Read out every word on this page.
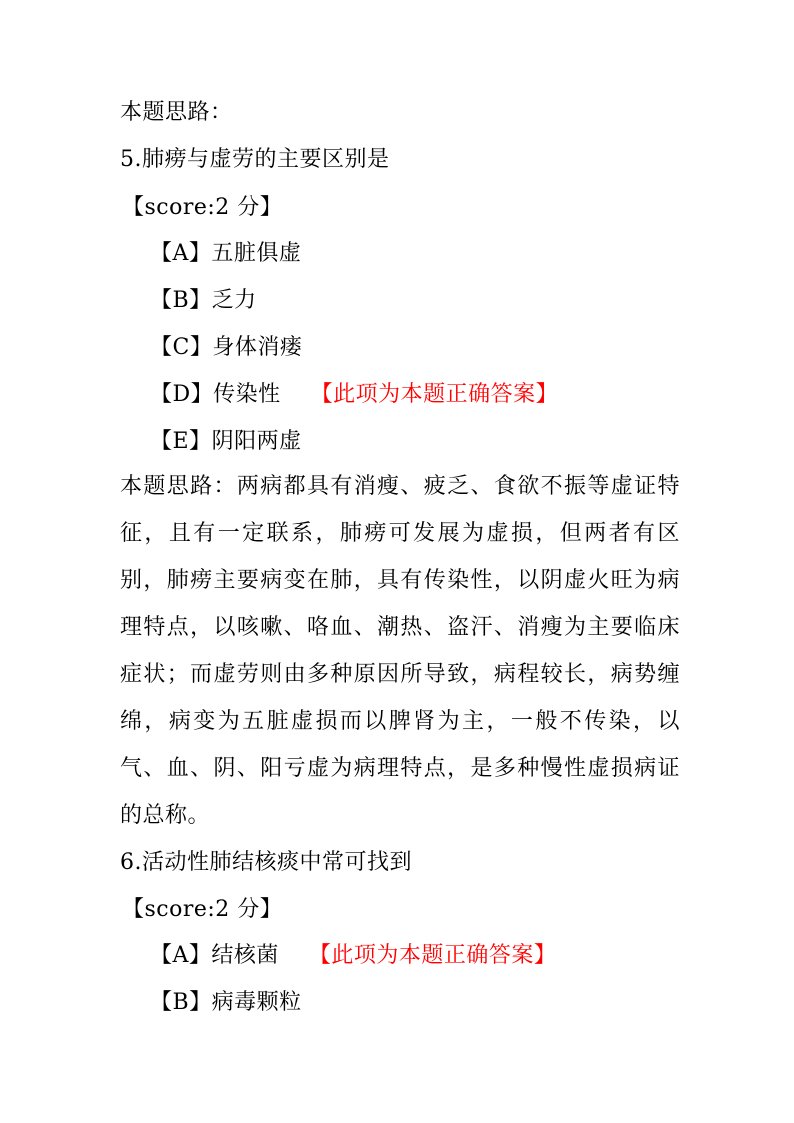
本题思路：
5.肺痨与虚劳的主要区别是
【score:2 分】
【A】五脏俱虚
【B】乏力
【C】身体消瘘
【D】传染性 【此项为本题正确答案】
【E】阴阳两虚
本题思路：两病都具有消瘦、疲乏、食欲不振等虚证特征，且有一定联系，肺痨可发展为虚损，但两者有区别，肺痨主要病变在肺，具有传染性，以阴虚火旺为病理特点，以咳嗽、咯血、潮热、盗汗、消瘦为主要临床症状；而虚劳则由多种原因所导致，病程较长，病势缠绵，病变为五脏虚损而以脾肾为主，一般不传染，以气、血、阴、阳亏虚为病理特点，是多种慢性虚损病证的总称。
6.活动性肺结核痰中常可找到
【score:2 分】
【A】结核菌 【此项为本题正确答案】
【B】病毒颗粒
